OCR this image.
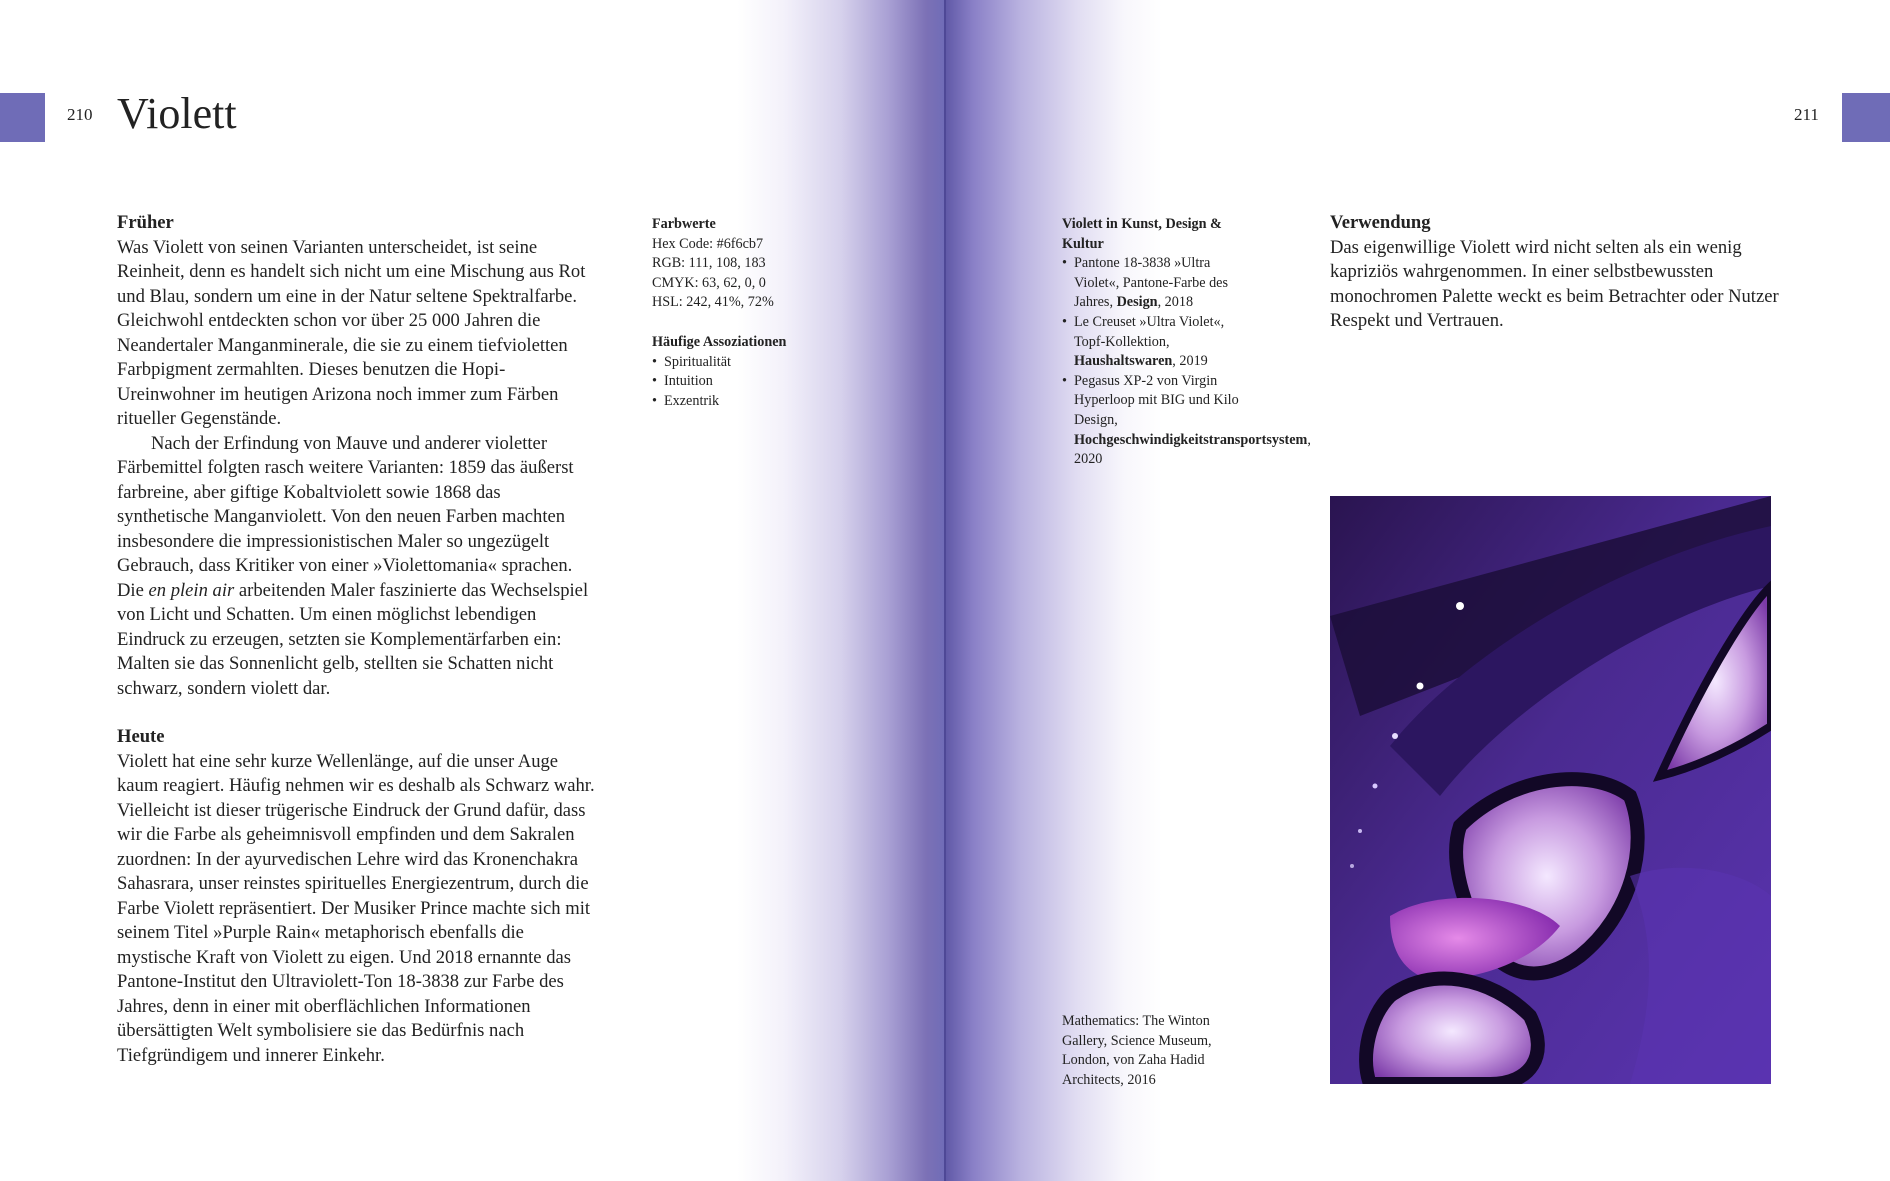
210	211
Violett
Früher

Was Violett von seinen Varianten unterscheidet, ist seine Reinheit, denn es handelt sich nicht um eine Mischung aus Rot und Blau, sondern um eine in der Natur seltene Spektralfarbe. Gleichwohl entdeckten schon vor über 25 000 Jahren die Neandertaler Manganminerale, die sie zu einem tiefvioletten Farbpigment zermahlten. Dieses benutzen die Hopi-Ureinwohner im heutigen Arizona noch immer zum Färben ritueller Gegenstände.

Nach der Erfindung von Mauve und anderer violetter Färbemittel folgten rasch weitere Varianten: 1859 das äußerst farbreine, aber giftige Kobaltviolett sowie 1868 das synthetische Manganviolett. Von den neuen Farben machten insbesondere die impressionistischen Maler so ungezügelt Gebrauch, dass Kritiker von einer »Violettomania« sprachen. Die en plein air arbeitenden Maler faszinierte das Wechselspiel von Licht und Schatten. Um einen möglichst lebendigen Eindruck zu erzeugen, setzten sie Komplementärfarben ein: Malten sie das Sonnenlicht gelb, stellten sie Schatten nicht schwarz, sondern violett dar.

Heute

Violett hat eine sehr kurze Wellenlänge, auf die unser Auge kaum reagiert. Häufig nehmen wir es deshalb als Schwarz wahr. Vielleicht ist dieser trügerische Eindruck der Grund dafür, dass wir die Farbe als geheimnisvoll empfinden und dem Sakralen zuordnen: In der ayurvedischen Lehre wird das Kronenchakra Sahasrara, unser reinstes spirituelles Energiezentrum, durch die Farbe Violett repräsentiert. Der Musiker Prince machte sich mit seinem Titel »Purple Rain« metaphorisch ebenfalls die mystische Kraft von Violett zu eigen. Und 2018 ernannte das Pantone-Institut den Ultraviolett-Ton 18-3838 zur Farbe des Jahres, denn in einer mit oberflächlichen Informationen übersättigten Welt symbolisiere sie das Bedürfnis nach Tiefgründigem und innerer Einkehr.

Farbwerte
Hex Code: #6f6cb7
RGB: 111, 108, 183
CMYK: 63, 62, 0, 0
HSL: 242, 41%, 72%
Häufige Assoziationen
• Spiritualität
• Intuition
• Exzentrik
Violett in Kunst, Design & Kultur
• Pantone 18-3838 »Ultra Violet«, Pantone-Farbe des Jahres, Design, 2018
• Le Creuset »Ultra Violet«, Topf-Kollektion, Haushaltswaren, 2019
• Pegasus XP-2 von Virgin Hyperloop mit BIG und Kilo Design, Hochgeschwindigkeitstransportsystem, 2020
Mathematics: The Winton Gallery, Science Museum, London, von Zaha Hadid Architects, 2016
Verwendung

Das eigenwillige Violett wird nicht selten als ein wenig kapriziös wahrgenommen. In einer selbstbewussten monochromen Palette weckt es beim Betrachter oder Nutzer Respekt und Vertrauen.
